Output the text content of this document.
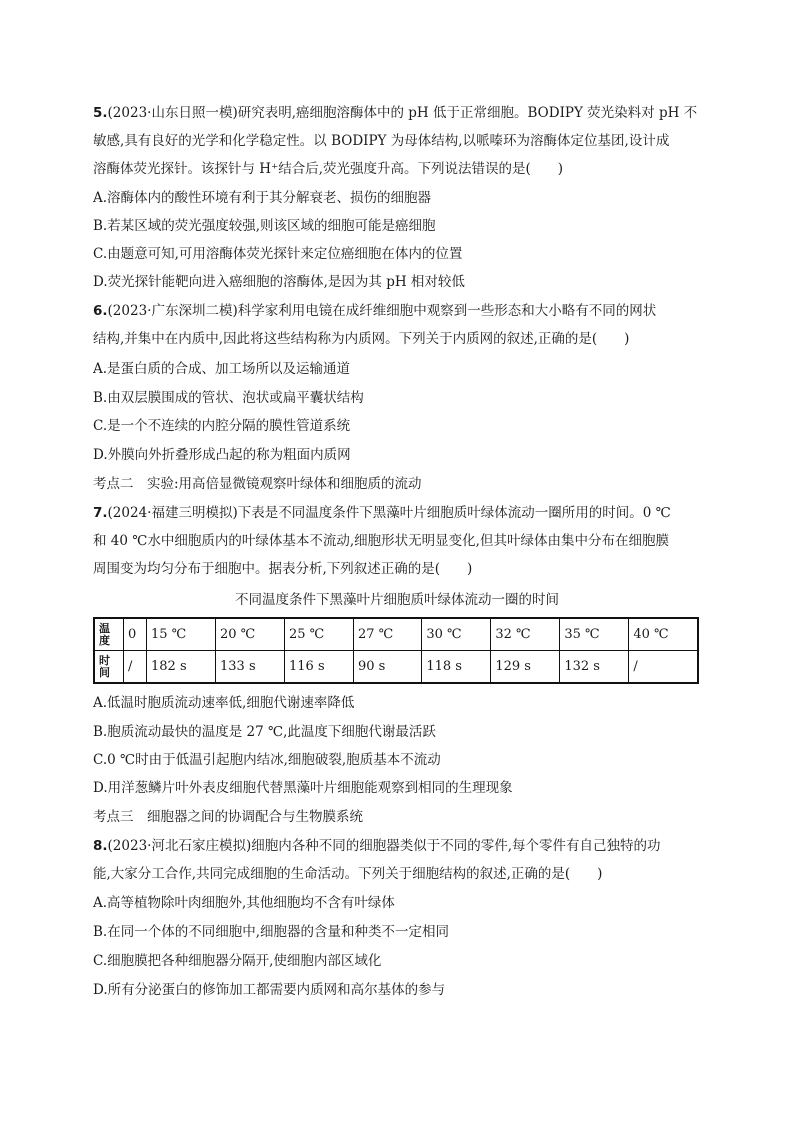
5.(2023·山东日照一模)研究表明,癌细胞溶酶体中的 pH 低于正常细胞。BODIPY 荧光染料对 pH 不
敏感,具有良好的光学和化学稳定性。以 BODIPY 为母体结构,以哌嗪环为溶酶体定位基团,设计成
溶酶体荧光探针。该探针与 H⁺结合后,荧光强度升高。下列说法错误的是(　　)
A.溶酶体内的酸性环境有利于其分解衰老、损伤的细胞器
B.若某区域的荧光强度较强,则该区域的细胞可能是癌细胞
C.由题意可知,可用溶酶体荧光探针来定位癌细胞在体内的位置
D.荧光探针能靶向进入癌细胞的溶酶体,是因为其 pH 相对较低
6.(2023·广东深圳二模)科学家利用电镜在成纤维细胞中观察到一些形态和大小略有不同的网状
结构,并集中在内质中,因此将这些结构称为内质网。下列关于内质网的叙述,正确的是(　　)
A.是蛋白质的合成、加工场所以及运输通道
B.由双层膜围成的管状、泡状或扁平囊状结构
C.是一个不连续的内腔分隔的膜性管道系统
D.外膜向外折叠形成凸起的称为粗面内质网
考点二　实验:用高倍显微镜观察叶绿体和细胞质的流动
7.(2024·福建三明模拟)下表是不同温度条件下黑藻叶片细胞质叶绿体流动一圈所用的时间。0 ℃
和 40 ℃水中细胞质内的叶绿体基本不流动,细胞形状无明显变化,但其叶绿体由集中分布在细胞膜
周围变为均匀分布于细胞中。据表分析,下列叙述正确的是(　　)
不同温度条件下黑藻叶片细胞质叶绿体流动一圈的时间
温
度	0	15 ℃	20 ℃	25 ℃	27 ℃	30 ℃	32 ℃	35 ℃	40 ℃

时
间	/	182 s	133 s	116 s	90 s	118 s	129 s	132 s	/
A.低温时胞质流动速率低,细胞代谢速率降低
B.胞质流动最快的温度是 27 ℃,此温度下细胞代谢最活跃
C.0 ℃时由于低温引起胞内结冰,细胞破裂,胞质基本不流动
D.用洋葱鳞片叶外表皮细胞代替黑藻叶片细胞能观察到相同的生理现象
考点三　细胞器之间的协调配合与生物膜系统
8.(2023·河北石家庄模拟)细胞内各种不同的细胞器类似于不同的零件,每个零件有自己独特的功
能,大家分工合作,共同完成细胞的生命活动。下列关于细胞结构的叙述,正确的是(　　)
A.高等植物除叶肉细胞外,其他细胞均不含有叶绿体
B.在同一个体的不同细胞中,细胞器的含量和种类不一定相同
C.细胞膜把各种细胞器分隔开,使细胞内部区域化
D.所有分泌蛋白的修饰加工都需要内质网和高尔基体的参与
